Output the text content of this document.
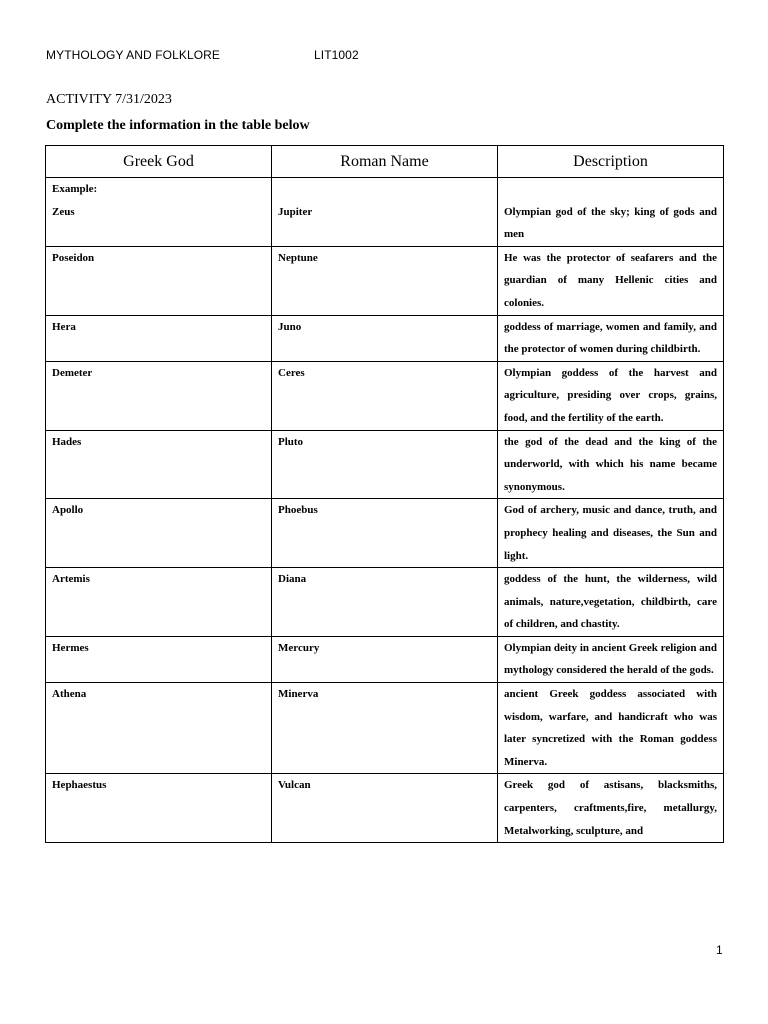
MYTHOLOGY AND FOLKLORE	LIT1002
ACTIVITY 7/31/2023
Complete the information in the table below
Greek God	Roman Name	Description

Example:
Zeus	Jupiter	Olympian god of the sky; king of gods and men

Poseidon	Neptune	He was the protector of seafarers and the guardian of many Hellenic cities and colonies.
Hera	Juno	goddess of marriage, women and family, and the protector of women during childbirth.
Demeter	Ceres	Olympian goddess of the harvest and agriculture, presiding over crops, grains, food, and the fertility of the earth.
Hades	Pluto	the god of the dead and the king of the underworld, with which his name became synonymous.
Apollo	Phoebus	God of archery, music and dance, truth, and prophecy healing and diseases, the Sun and light.
Artemis	Diana	goddess of the hunt, the wilderness, wild animals, nature,vegetation, childbirth, care of children, and chastity.
Hermes	Mercury	Olympian deity in ancient Greek religion and mythology considered the herald of the gods.
Athena	Minerva	ancient Greek goddess associated with wisdom, warfare, and handicraft who was later syncretized with the Roman goddess Minerva.
Hephaestus	Vulcan	Greek god of astisans, blacksmiths, carpenters, craftments,fire, metallurgy, Metalworking, sculpture, and
1
